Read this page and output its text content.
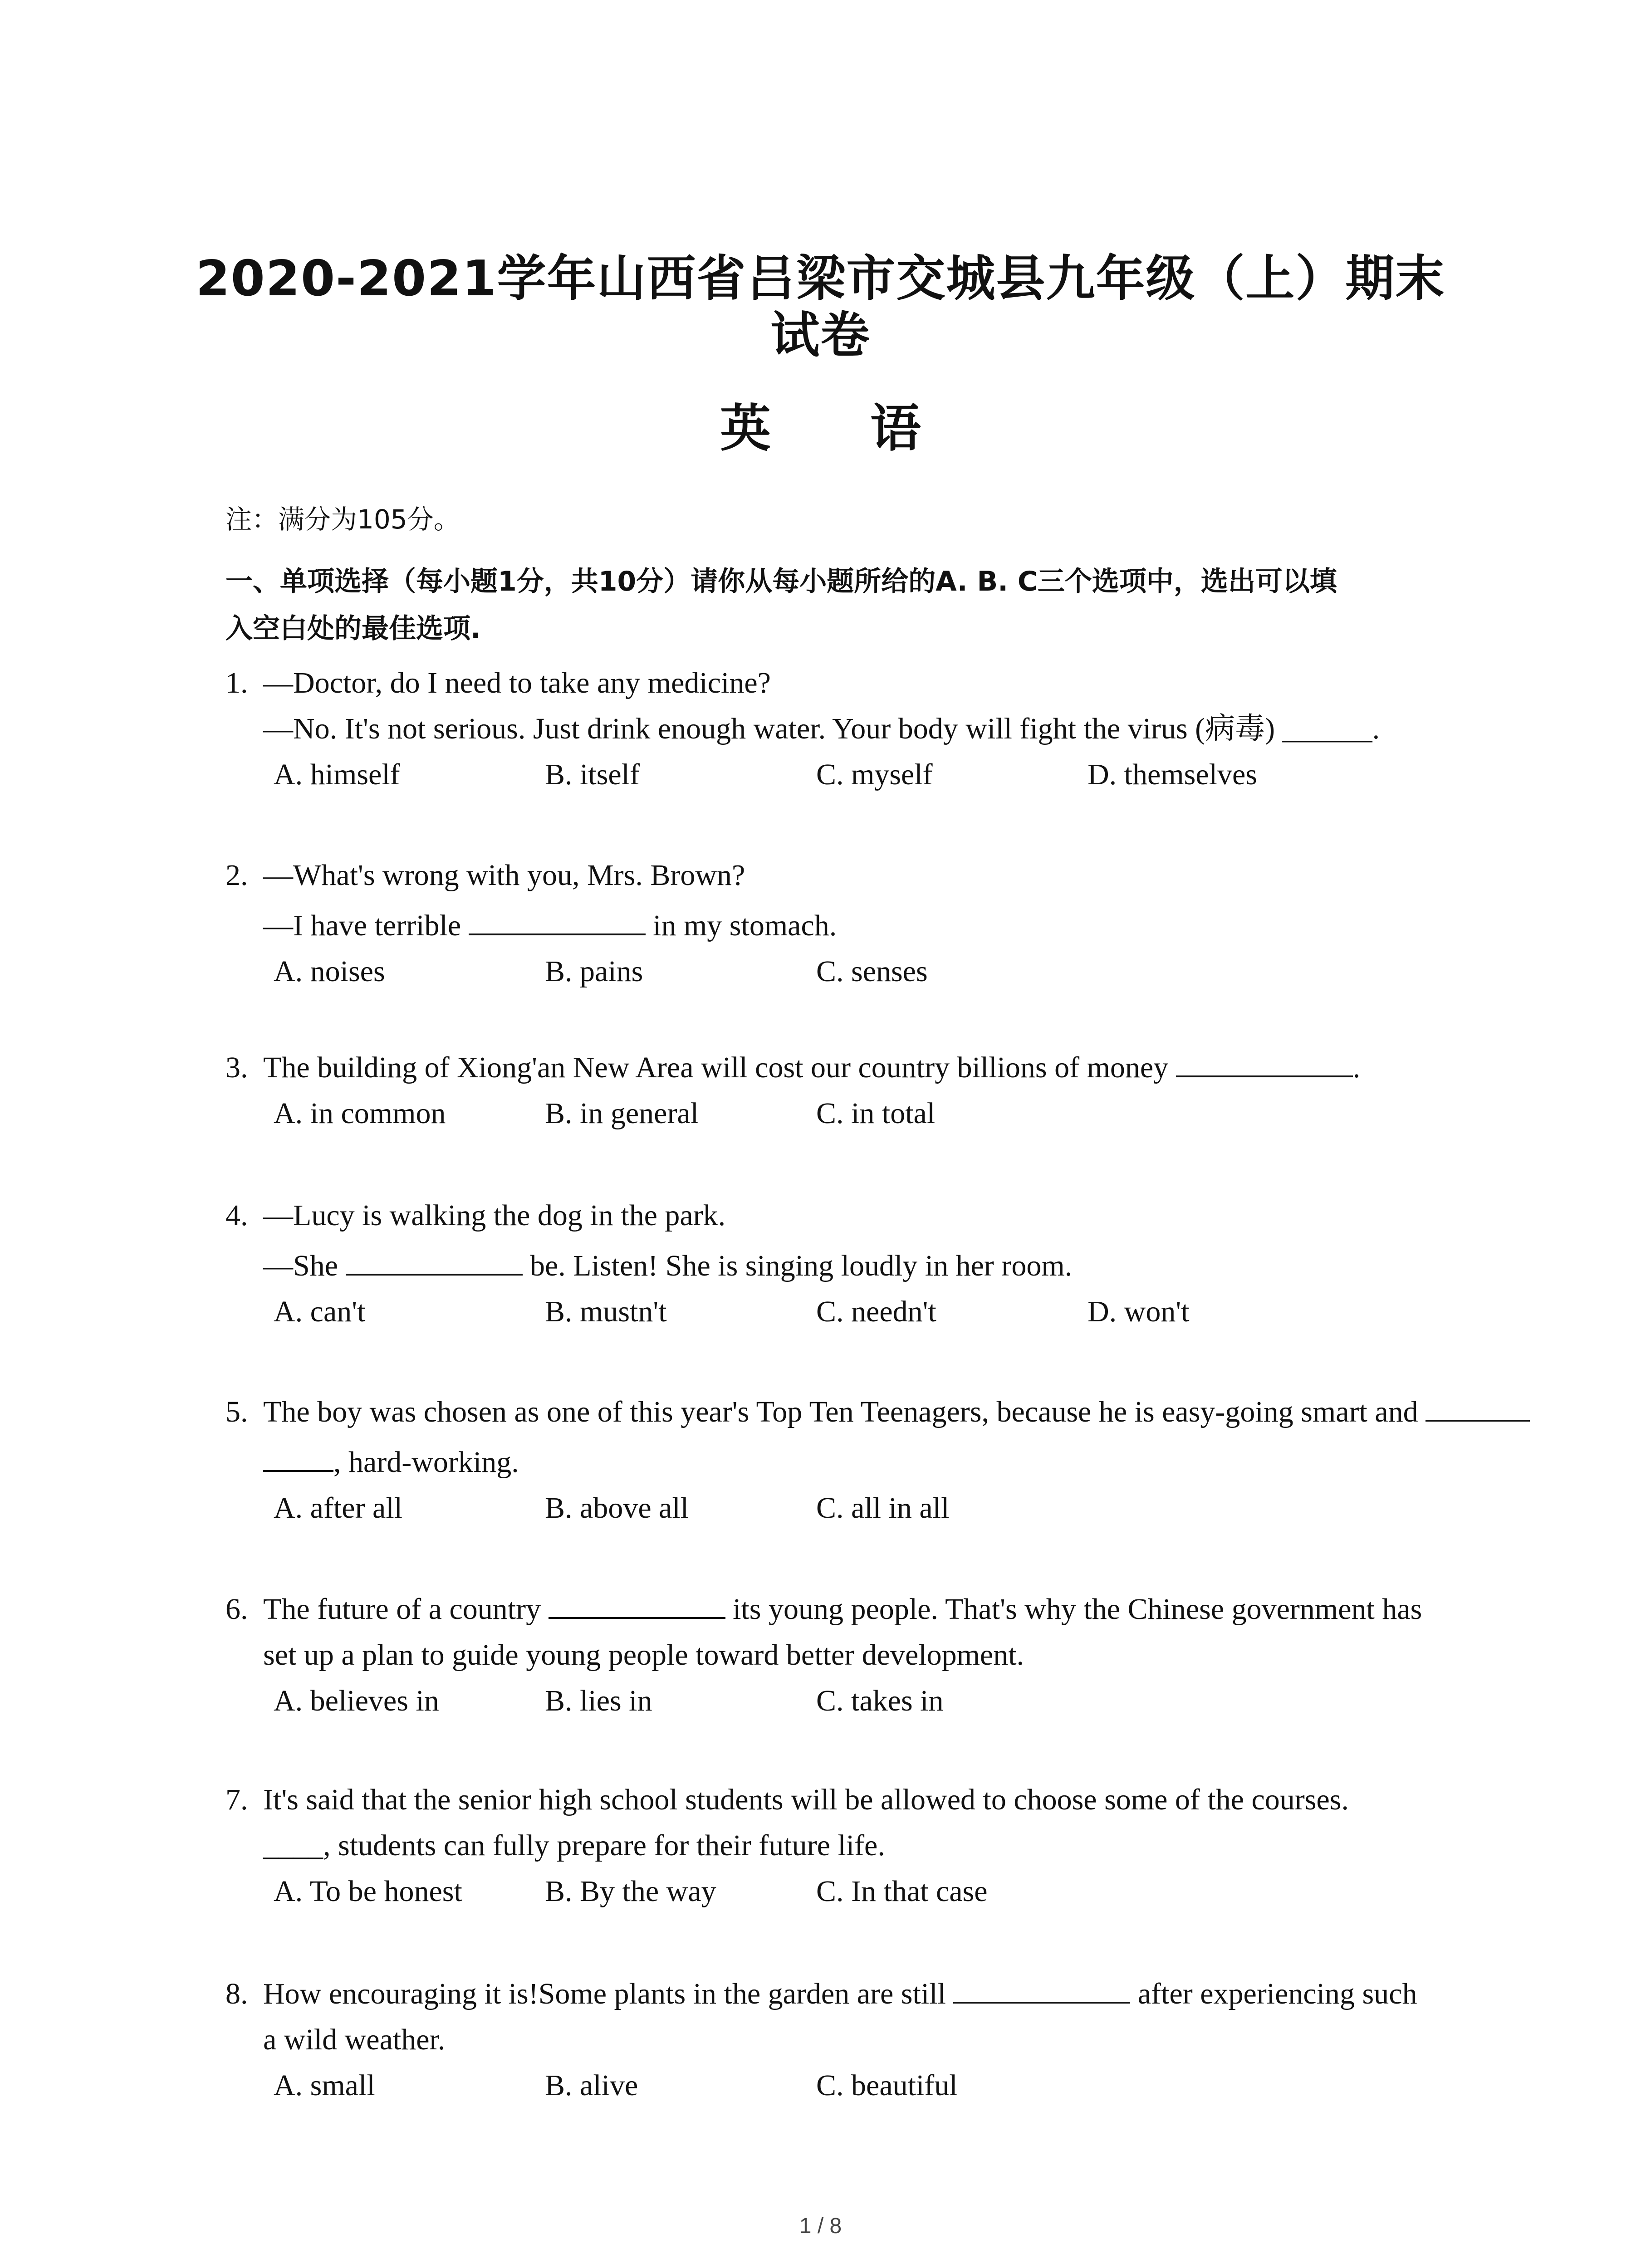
2020-2021学年山西省吕梁市交城县九年级（上）期末
试卷
英 语
注：满分为105分。
一、单项选择（每小题1分，共10分）请你从每小题所给的A. B. C三个选项中，选出可以填
入空白处的最佳选项.
1. —Doctor, do I need to take any medicine?
—No. It's not serious. Just drink enough water. Your body will fight the virus (病毒) ______.
A. himself	B. itself	C. myself	D. themselves
2. —What's wrong with you, Mrs. Brown?
—I have terrible	in my stomach.
A. noises	B. pains	C. senses
3. The building of Xiong'an New Area will cost our country billions of money	.
A. in common	B. in general	C. in total
4. —Lucy is walking the dog in the park.
—She	be. Listen! She is singing loudly in her room.
A. can't	B. mustn't	C. needn't	D. won't
5. The boy was chosen as one of this year's Top Ten Teenagers, because he is easy-going smart and
, hard-working.
A. after all	B. above all	C. all in all
6. The future of a country	its young people. That's why the Chinese government has
set up a plan to guide young people toward better development.
A. believes in	B. lies in	C. takes in
7. It's said that the senior high school students will be allowed to choose some of the courses.
____, students can fully prepare for their future life.
A. To be honest	B. By the way	C. In that case
8. How encouraging it is!Some plants in the garden are still	after experiencing such
a wild weather.
A. small	B. alive	C. beautiful
1 / 8
